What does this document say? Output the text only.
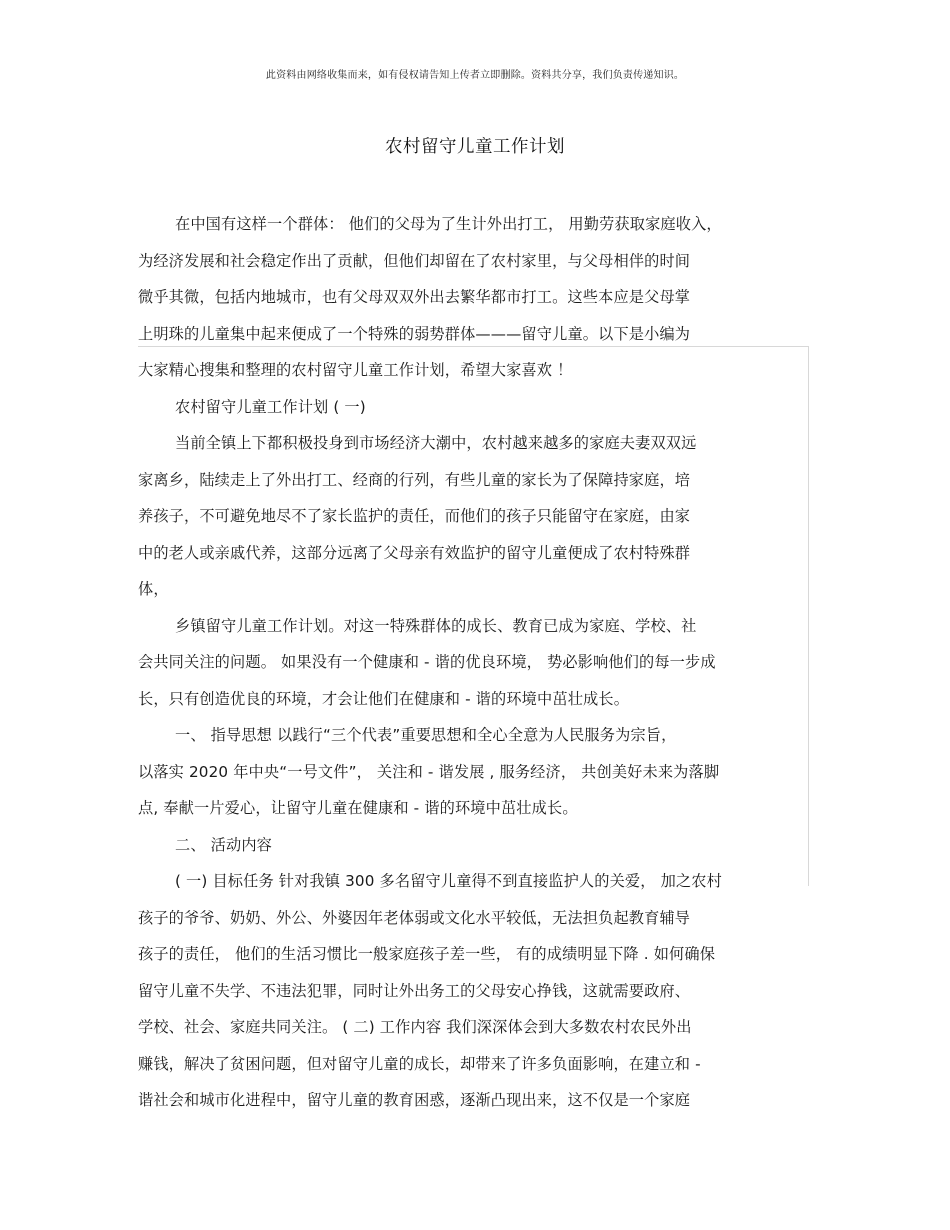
此资料由网络收集而来，如有侵权请告知上传者立即删除。资料共分享，我们负责传递知识。
农村留守儿童工作计划
在中国有这样一个群体： 他们的父母为了生计外出打工， 用勤劳获取家庭收入，
为经济发展和社会稳定作出了贡献，但他们却留在了农村家里，与父母相伴的时间
微乎其微，包括内地城市，也有父母双双外出去繁华都市打工。这些本应是父母掌
上明珠的儿童集中起来便成了一个特殊的弱势群体———留守儿童。以下是小编为
大家精心搜集和整理的农村留守儿童工作计划，希望大家喜欢 ！
农村留守儿童工作计划 ( 一)
当前全镇上下都积极投身到市场经济大潮中，农村越来越多的家庭夫妻双双远
家离乡，陆续走上了外出打工、经商的行列，有些儿童的家长为了保障持家庭，培
养孩子，不可避免地尽不了家长监护的责任，而他们的孩子只能留守在家庭，由家
中的老人或亲戚代养，这部分远离了父母亲有效监护的留守儿童便成了农村特殊群
体，
乡镇留守儿童工作计划。对这一特殊群体的成长、教育已成为家庭、学校、社
会共同关注的问题。 如果没有一个健康和 - 谐的优良环境， 势必影响他们的每一步成
长，只有创造优良的环境，才会让他们在健康和 - 谐的环境中茁壮成长。
一、 指导思想 以践行“三个代表”重要思想和全心全意为人民服务为宗旨，
以落实 2020 年中央“一号文件”， 关注和 - 谐发展 , 服务经济， 共创美好未来为落脚
点, 奉献一片爱心，让留守儿童在健康和 - 谐的环境中茁壮成长。
二、 活动内容
( 一) 目标任务 针对我镇 300 多名留守儿童得不到直接监护人的关爱， 加之农村
孩子的爷爷、奶奶、外公、外婆因年老体弱或文化水平较低，无法担负起教育辅导
孩子的责任， 他们的生活习惯比一般家庭孩子差一些， 有的成绩明显下降 . 如何确保
留守儿童不失学、不违法犯罪，同时让外出务工的父母安心挣钱，这就需要政府、
学校、社会、家庭共同关注。 ( 二) 工作内容 我们深深体会到大多数农村农民外出
赚钱，解决了贫困问题，但对留守儿童的成长，却带来了许多负面影响，在建立和 -
谐社会和城市化进程中，留守儿童的教育困惑，逐渐凸现出来，这不仅是一个家庭
